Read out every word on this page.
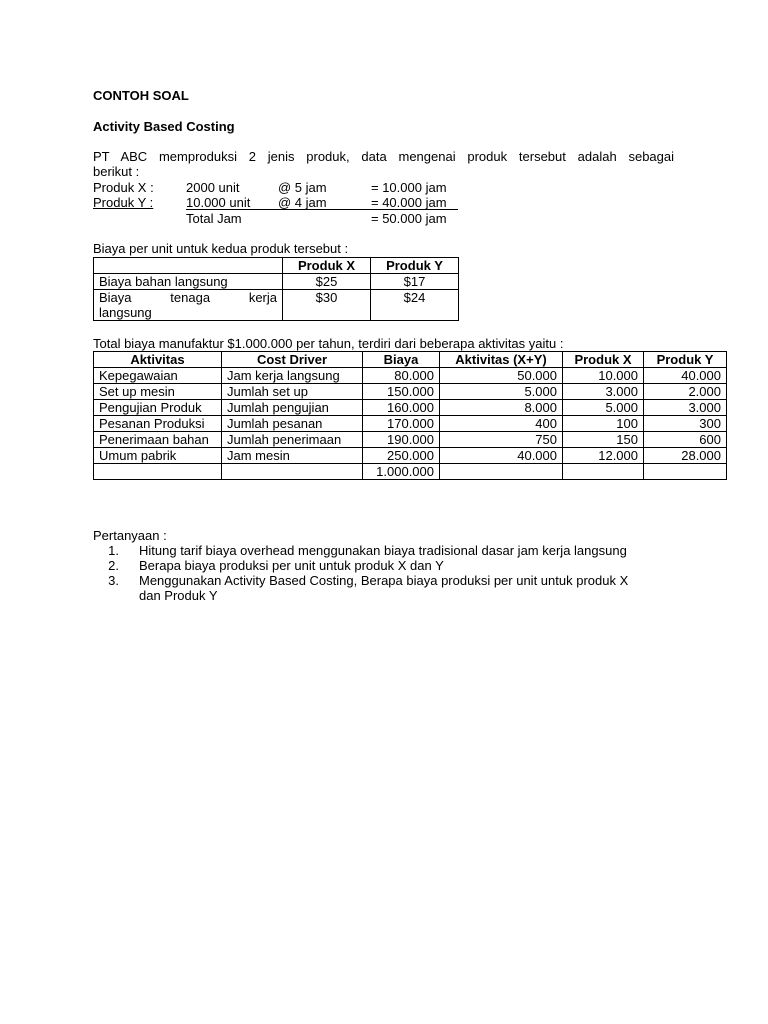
CONTOH SOAL
Activity Based Costing
PT ABC memproduksi 2 jenis produk, data mengenai produk tersebut adalah sebagai
berikut :
Produk X : 2000 unit	@ 5 jam	= 10.000 jam
Produk Y :	10.000 unit @ 4 jam	= 40.000 jam
Total Jam	= 50.000 jam
Biaya per unit untuk kedua produk tersebut :
	Produk X	Produk Y
Biaya bahan langsung	$25	$17

Biaya tenaga kerja
langsung	$30	$24
Total biaya manufaktur $1.000.000 per tahun, terdiri dari beberapa aktivitas yaitu :
Aktivitas	Cost Driver	Biaya	Aktivitas (X+Y)	Produk X	Produk Y
Kepegawaian	Jam kerja langsung	80.000	50.000	10.000	40.000
Set up mesin	Jumlah set up	150.000	5.000	3.000	2.000
Pengujian Produk	Jumlah pengujian	160.000	8.000	5.000	3.000
Pesanan Produksi	Jumlah pesanan	170.000	400	100	300
Penerimaan bahan	Jumlah penerimaan	190.000	750	150	600
Umum pabrik	Jam mesin	250.000	40.000	12.000	28.000
		1.000.000			
Pertanyaan :
1. Hitung tarif biaya overhead menggunakan biaya tradisional dasar jam kerja langsung
2. Berapa biaya produksi per unit untuk produk X dan Y
3. Menggunakan Activity Based Costing, Berapa biaya produksi per unit untuk produk X
dan Produk Y
